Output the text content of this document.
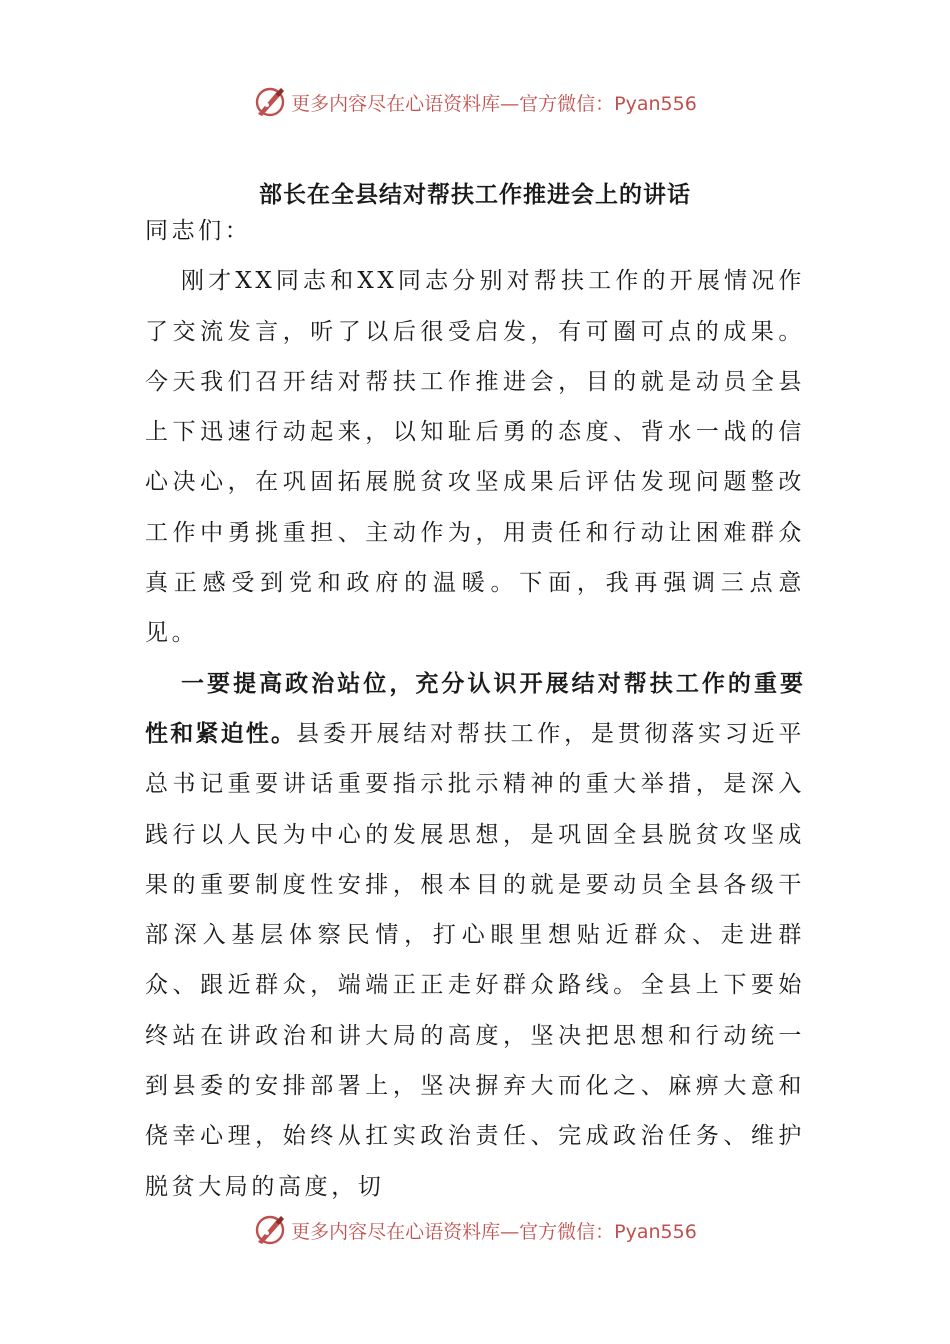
更多内容尽在心语资料库—官方微信：Pyan556
部长在全县结对帮扶工作推进会上的讲话

同志们：

刚才XX同志和XX同志分别对帮扶工作的开展情况作了交流发言，听了以后很受启发，有可圈可点的成果。今天我们召开结对帮扶工作推进会，目的就是动员全县上下迅速行动起来，以知耻后勇的态度、背水一战的信心决心，在巩固拓展脱贫攻坚成果后评估发现问题整改工作中勇挑重担、主动作为，用责任和行动让困难群众真正感受到党和政府的温暖。下面，我再强调三点意见。

一要提高政治站位，充分认识开展结对帮扶工作的重要性和紧迫性。县委开展结对帮扶工作，是贯彻落实习近平总书记重要讲话重要指示批示精神的重大举措，是深入践行以人民为中心的发展思想，是巩固全县脱贫攻坚成果的重要制度性安排，根本目的就是要动员全县各级干部深入基层体察民情，打心眼里想贴近群众、走进群众、跟近群众，端端正正走好群众路线。全县上下要始终站在讲政治和讲大局的高度，坚决把思想和行动统一到县委的安排部署上，坚决摒弃大而化之、麻痹大意和侥幸心理，始终从扛实政治责任、完成政治任务、维护脱贫大局的高度，切

更多内容尽在心语资料库—官方微信：Pyan556
